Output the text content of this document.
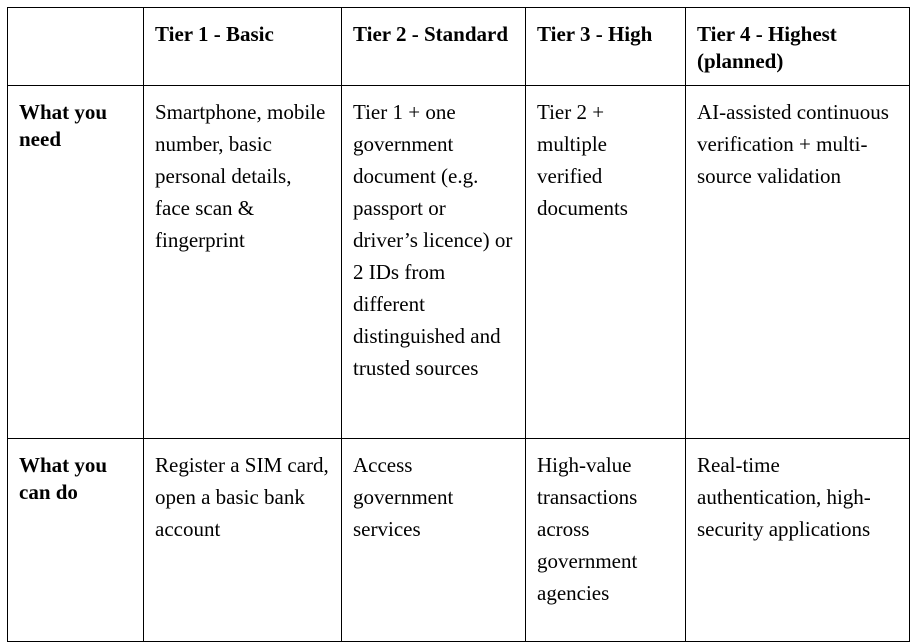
	Tier 1 - Basic	Tier 2 - Standard	Tier 3 - High	Tier 4 - Highest (planned)
What you need	Smartphone, mobile number, basic personal details, face scan & fingerprint	Tier 1 + one government document (e.g. passport or driver’s licence) or 2 IDs from different distinguished and trusted sources	Tier 2 + multiple verified documents	AI-assisted continuous verification + multi-source validation
What you can do	Register a SIM card, open a basic bank account	Access government services	High-value transactions across government agencies	Real-time authentication, high-security applications
